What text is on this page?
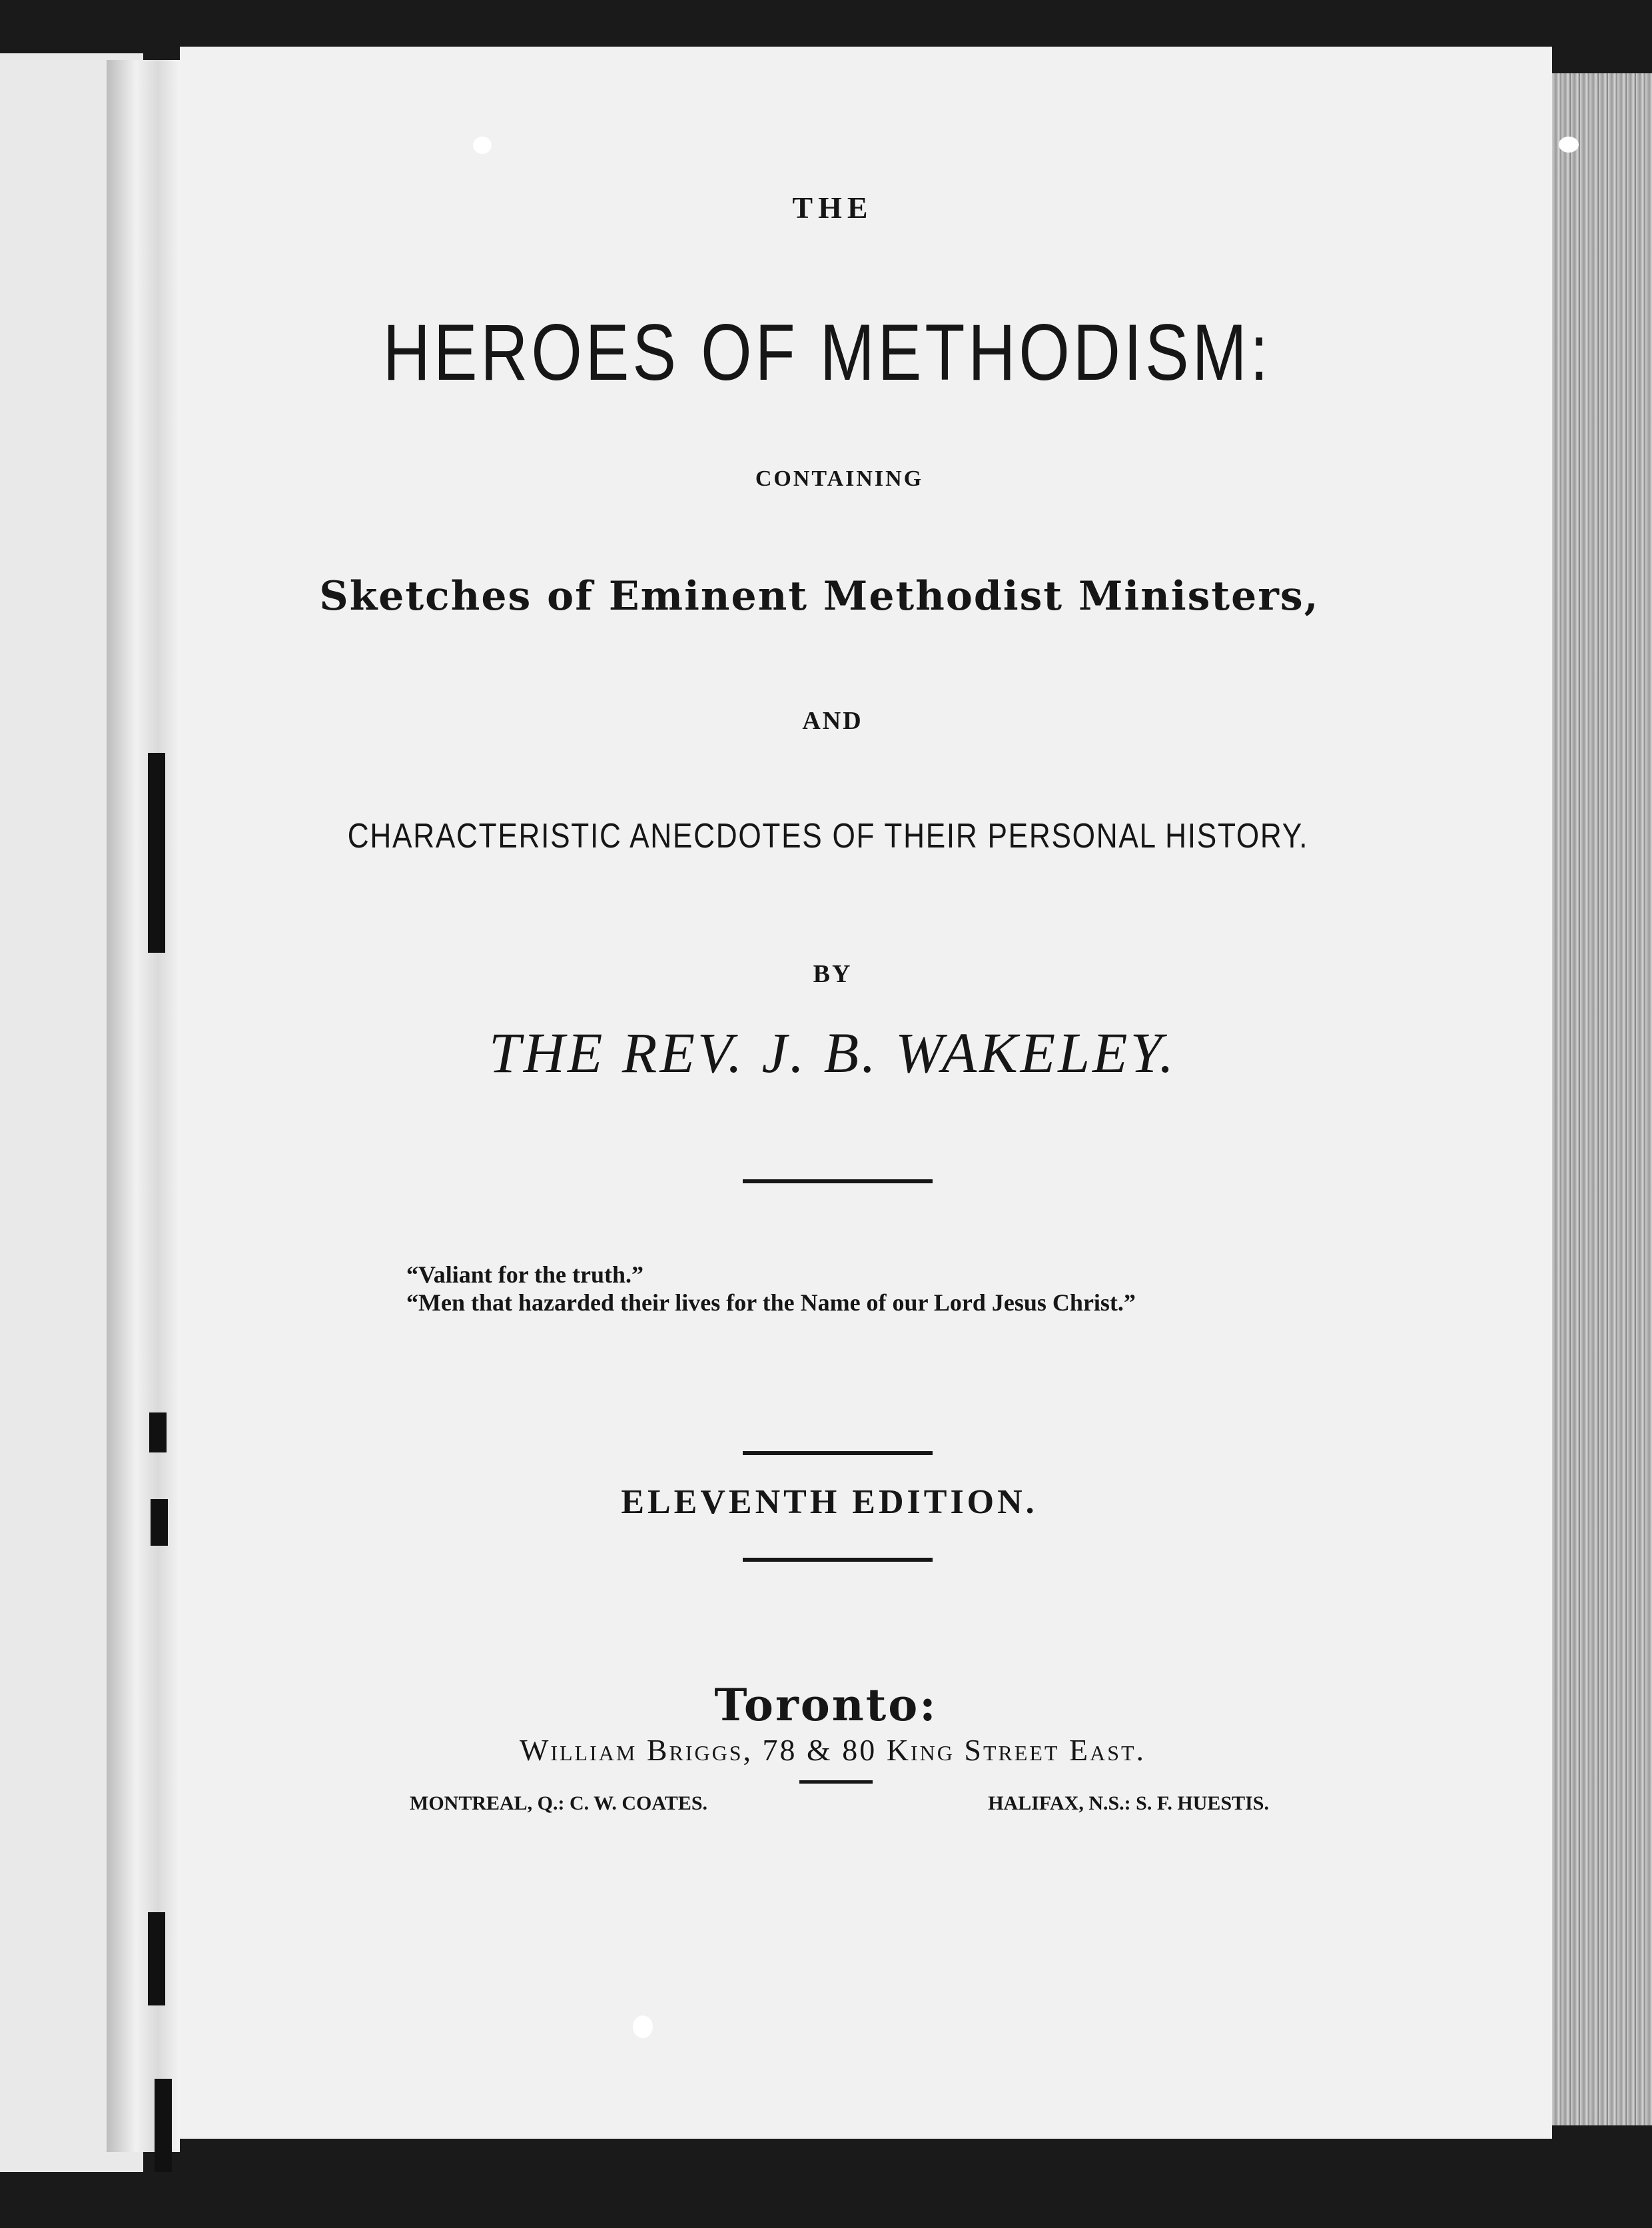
THE
HEROES OF METHODISM:
CONTAINING
Sketches of Eminent Methodist Ministers,
AND
CHARACTERISTIC ANECDOTES OF THEIR PERSONAL HISTORY.
BY
THE REV. J. B. WAKELEY.
“Valiant for the truth.”
“Men that hazarded their lives for the Name of our Lord Jesus Christ.”
ELEVENTH EDITION.
Toronto:
William Briggs, 78 & 80 King Street East.
MONTREAL, Q.: C. W. COATES.	HALIFAX, N.S.: S. F. HUESTIS.
